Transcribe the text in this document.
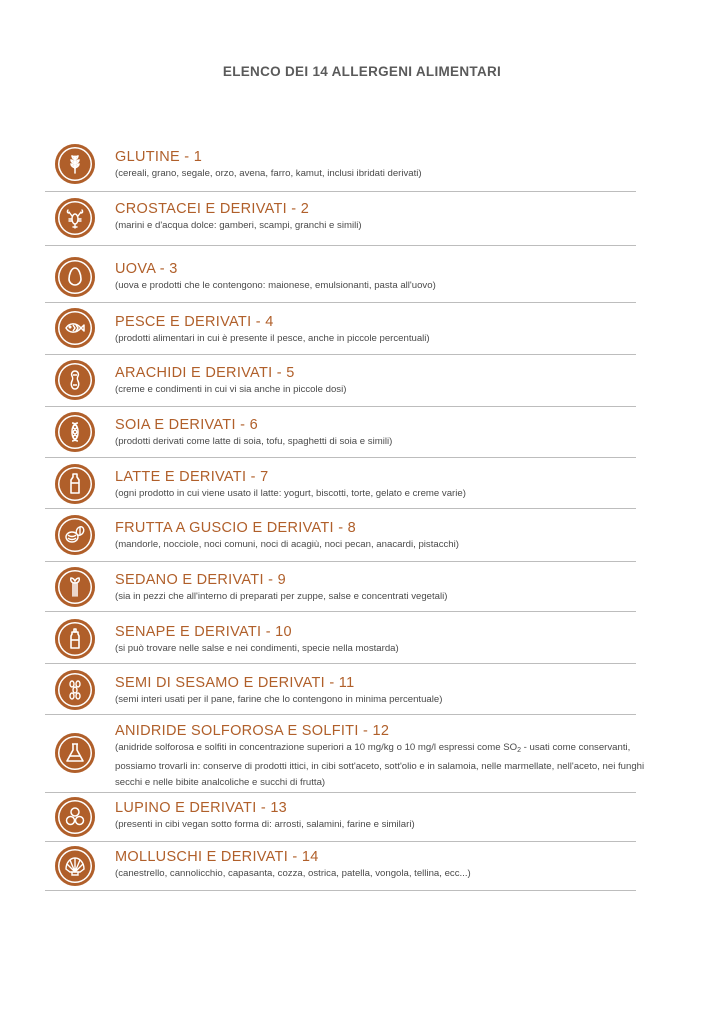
ELENCO DEI 14 ALLERGENI ALIMENTARI
GLUTINE - 1
(cereali, grano, segale, orzo, avena, farro, kamut, inclusi ibridati derivati)
CROSTACEI E DERIVATI - 2
(marini e d'acqua dolce: gamberi, scampi, granchi e simili)
UOVA - 3
(uova e prodotti che le contengono: maionese, emulsionanti, pasta all'uovo)
PESCE E DERIVATI - 4
(prodotti alimentari in cui è presente il pesce, anche in piccole percentuali)
ARACHIDI E DERIVATI - 5
(creme e condimenti in cui vi sia anche in piccole dosi)
SOIA E DERIVATI - 6
(prodotti derivati come latte di soia, tofu, spaghetti di soia e simili)
LATTE E DERIVATI - 7
(ogni prodotto in cui viene usato il latte: yogurt, biscotti, torte, gelato e creme varie)
FRUTTA A GUSCIO E DERIVATI - 8
(mandorle, nocciole, noci comuni, noci di acagiù, noci pecan, anacardi, pistacchi)
SEDANO E DERIVATI - 9
(sia in pezzi che all'interno di preparati per zuppe, salse e concentrati vegetali)
SENAPE E DERIVATI - 10
(si può trovare nelle salse e nei condimenti, specie nella mostarda)
SEMI DI SESAMO E DERIVATI - 11
(semi interi usati per il pane, farine che lo contengono in minima percentuale)
ANIDRIDE SOLFOROSA E SOLFITI - 12
(anidride solforosa e solfiti in concentrazione superiori a 10 mg/kg o 10 mg/l espressi come $SO_2$ - usati come conservanti, possiamo trovarli in: conserve di prodotti ittici, in cibi sott'aceto, sott'olio e in salamoia, nelle marmellate, nell'aceto, nei funghi secchi e nelle bibite analcoliche e succhi di frutta)
LUPINO E DERIVATI - 13
(presenti in cibi vegan sotto forma di: arrosti, salamini, farine e similari)
MOLLUSCHI E DERIVATI - 14
(canestrello, cannolicchio, capasanta, cozza, ostrica, patella, vongola, tellina, ecc...)
